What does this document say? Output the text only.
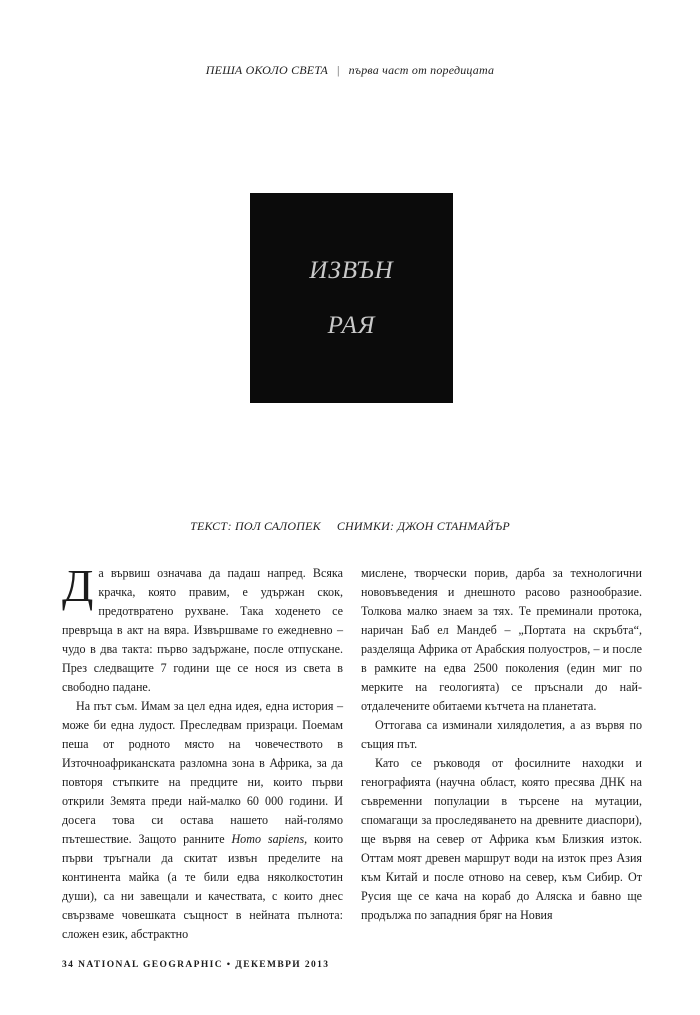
ПЕША ОКОЛО СВЕТА | първа част от поредицата
ИЗВЪН
РАЯ
ТЕКСТ: ПОЛ САЛОПЕК СНИМКИ: ДЖОН СТАНМАЙЪР

Да вървиш означава да падаш напред. Всяка крачка, която правим, е удържан скок, предотвратено рухване. Така ходенето се превръща в акт на вяра. Извършваме го ежедневно – чудо в два такта: първо задържане, после отпускане. През следващите 7 години ще се нося из света в свободно падане.

На път съм. Имам за цел една идея, една история – може би една лудост. Преследвам призраци. Поемам пеша от родното място на човечеството в Източноафриканската разломна зона в Африка, за да повторя стъпките на предците ни, които първи открили Земята преди най-малко 60 000 години. И досега това си остава нашето най-голямо пътешествие. Защото ранните Homo sapiens, които първи тръгнали да скитат извън пределите на континента майка (а те били едва няколкостотин души), са ни завещали и качествата, с които днес свързваме човешката същност в нейната пълнота: сложен език, абстрактно

мислене, творчески порив, дарба за технологични нововъведения и днешното расово разнообразие. Толкова малко знаем за тях. Те преминали протока, наричан Баб ел Мандеб – „Портата на скръбта“, разделяща Африка от Арабския полуостров, – и после в рамките на едва 2500 поколения (един миг по мерките на геологията) се пръснали до най-отдалечените обитаеми кътчета на планетата.

Оттогава са изминали хилядолетия, а аз вървя по същия път.

Като се ръководя от фосилните находки и генографията (научна област, която пресява ДНК на съвременни популации в търсене на мутации, спомагащи за проследяването на древните диаспори), ще вървя на север от Африка към Близкия изток. Оттам моят древен маршрут води на изток през Азия към Китай и после отново на север, към Сибир. От Русия ще се кача на кораб до Аляска и бавно ще продължа по западния бряг на Новия

34 NATIONAL GEOGRAPHIC • ДЕКЕМВРИ 2013
